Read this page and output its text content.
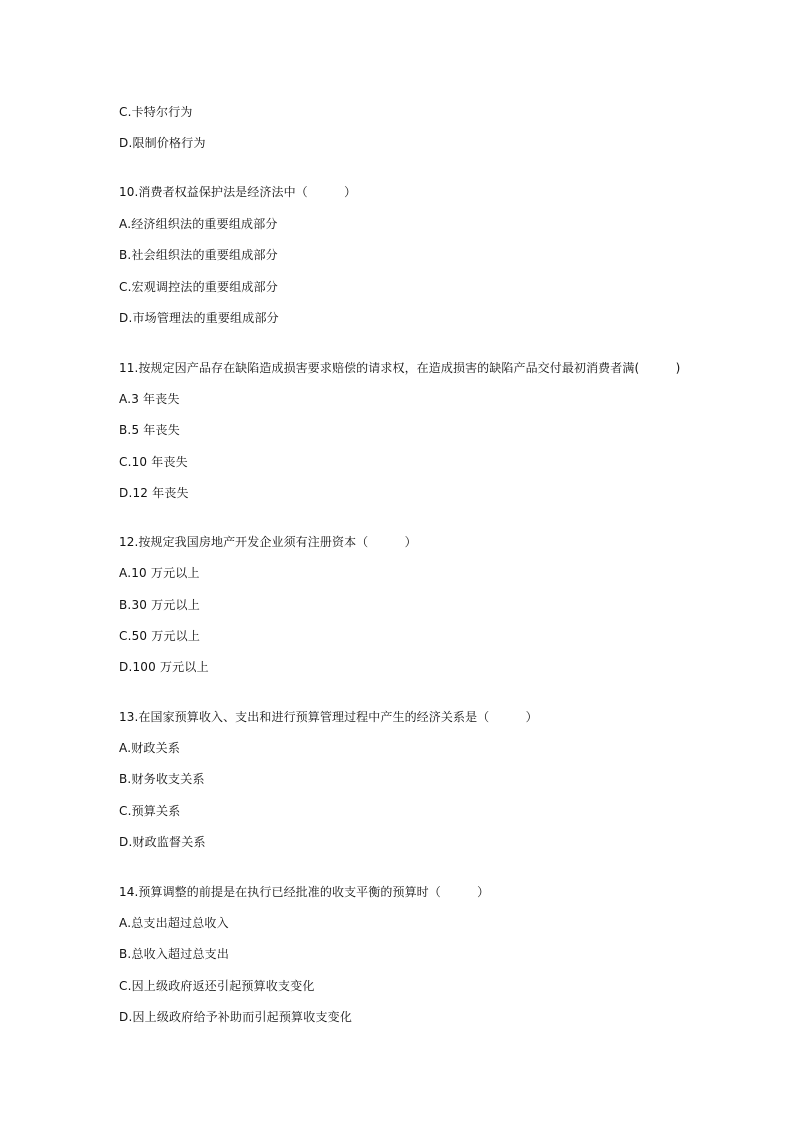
C.卡特尔行为
D.限制价格行为
10.消费者权益保护法是经济法中（　　　）
A.经济组织法的重要组成部分
B.社会组织法的重要组成部分
C.宏观调控法的重要组成部分
D.市场管理法的重要组成部分
11.按规定因产品存在缺陷造成损害要求赔偿的请求权，在造成损害的缺陷产品交付最初消费者满(　　　)
A.3 年丧失
B.5 年丧失
C.10 年丧失
D.12 年丧失
12.按规定我国房地产开发企业须有注册资本（　　　）
A.10 万元以上
B.30 万元以上
C.50 万元以上
D.100 万元以上
13.在国家预算收入、支出和进行预算管理过程中产生的经济关系是（　　　）
A.财政关系
B.财务收支关系
C.预算关系
D.财政监督关系
14.预算调整的前提是在执行已经批准的收支平衡的预算时（　　　）
A.总支出超过总收入
B.总收入超过总支出
C.因上级政府返还引起预算收支变化
D.因上级政府给予补助而引起预算收支变化
